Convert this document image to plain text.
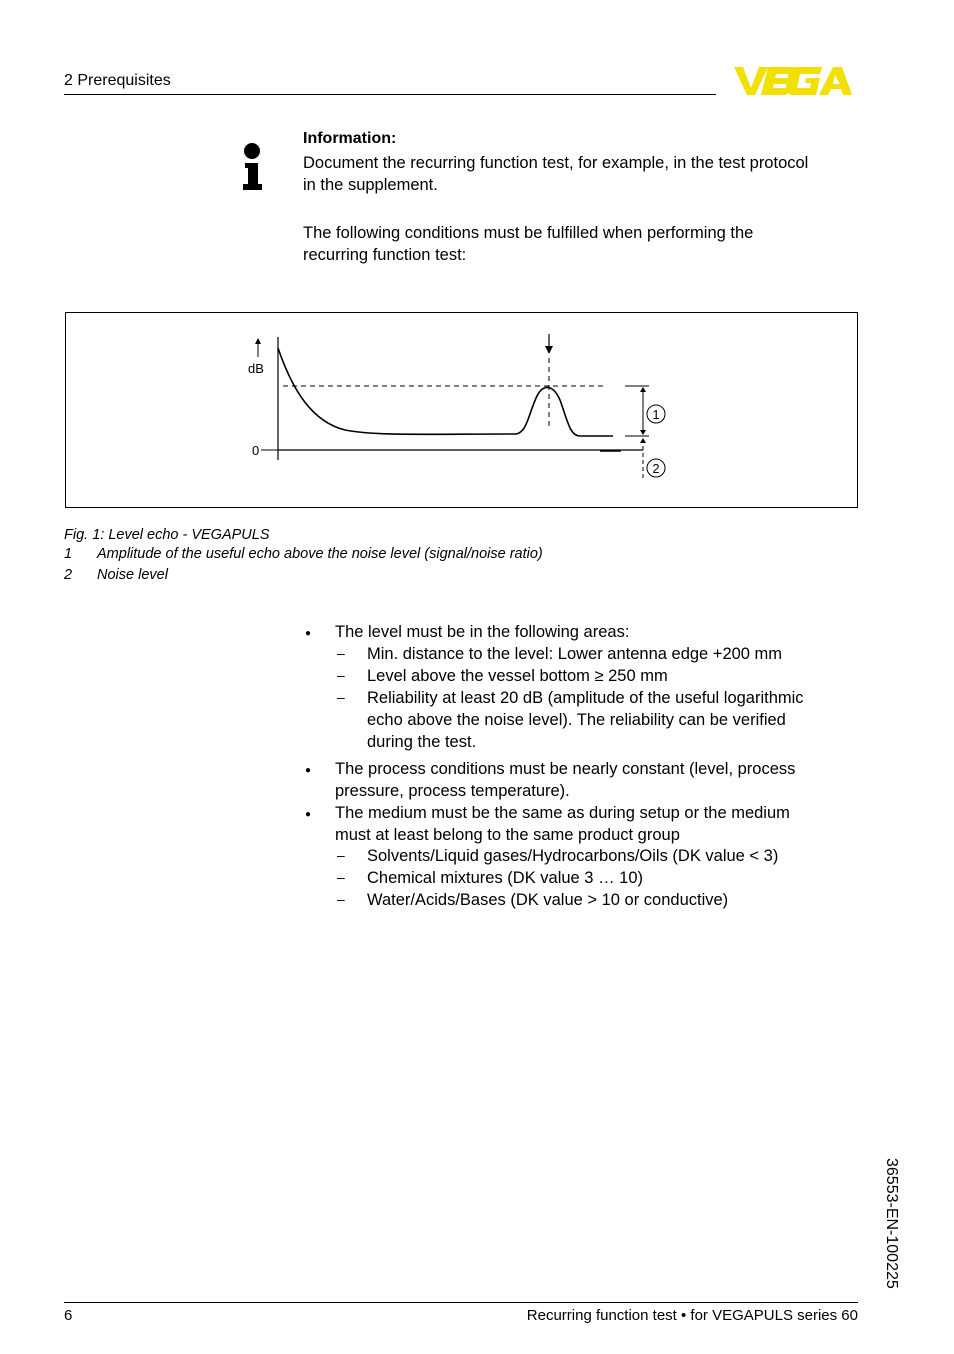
2 Prerequisites
Information:
Document the recurring function test, for example, in the test protocol
in the supplement.
The following conditions must be fulfilled when performing the
recurring function test:
dB
0
1
2
Fig. 1: Level echo - VEGAPULS
1 Amplitude of the useful echo above the noise level (signal/noise ratio)
2 Noise level
● The level must be in the following areas:
– Min. distance to the level: Lower antenna edge +200 mm
– Level above the vessel bottom ≥ 250 mm
– Reliability at least 20 dB (amplitude of the useful logarithmic
echo above the noise level). The reliability can be verified
during the test.
● The process conditions must be nearly constant (level, process
pressure, process temperature).
● The medium must be the same as during setup or the medium
must at least belong to the same product group
– Solvents/Liquid gases/Hydrocarbons/Oils (DK value < 3)
– Chemical mixtures (DK value 3 … 10)
– Water/Acids/Bases (DK value > 10 or conductive)
36553-EN-100225
6	Recurring function test • for VEGAPULS series 60
